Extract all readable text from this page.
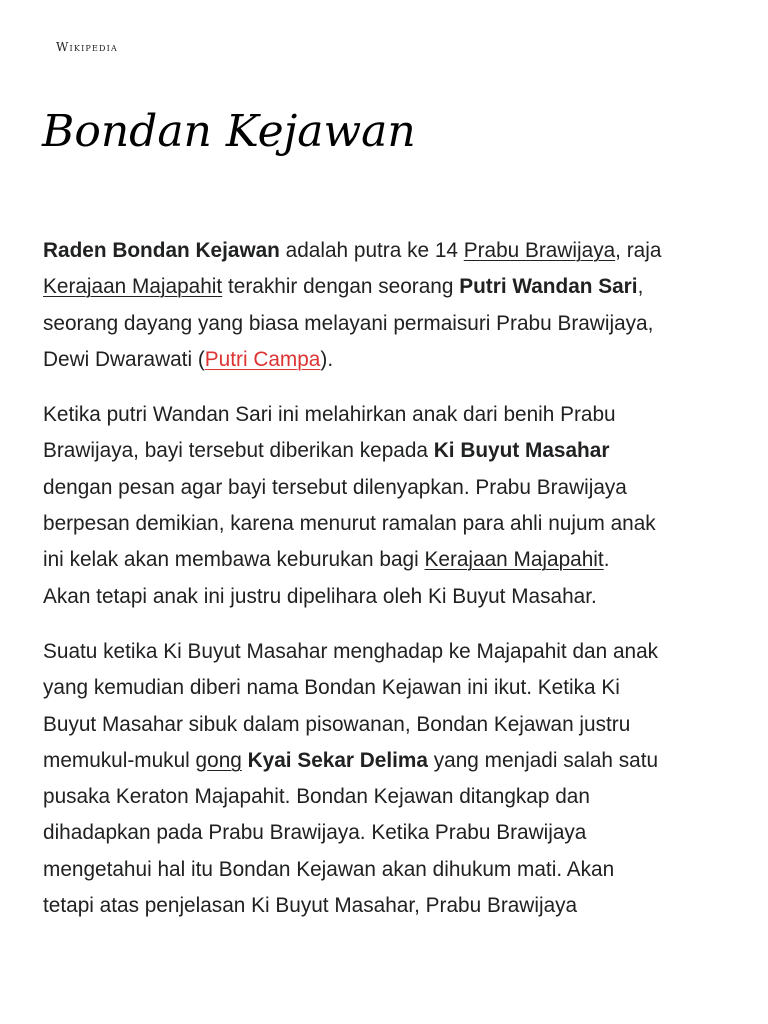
Wikipedia
Bondan Kejawan

Raden Bondan Kejawan adalah putra ke 14 Prabu Brawijaya, raja
Kerajaan Majapahit terakhir dengan seorang Putri Wandan Sari,
seorang dayang yang biasa melayani permaisuri Prabu Brawijaya,
Dewi Dwarawati (Putri Campa).

Ketika putri Wandan Sari ini melahirkan anak dari benih Prabu
Brawijaya, bayi tersebut diberikan kepada Ki Buyut Masahar
dengan pesan agar bayi tersebut dilenyapkan. Prabu Brawijaya
berpesan demikian, karena menurut ramalan para ahli nujum anak
ini kelak akan membawa keburukan bagi Kerajaan Majapahit.
Akan tetapi anak ini justru dipelihara oleh Ki Buyut Masahar.

Suatu ketika Ki Buyut Masahar menghadap ke Majapahit dan anak
yang kemudian diberi nama Bondan Kejawan ini ikut. Ketika Ki
Buyut Masahar sibuk dalam pisowanan, Bondan Kejawan justru
memukul-mukul gong Kyai Sekar Delima yang menjadi salah satu
pusaka Keraton Majapahit. Bondan Kejawan ditangkap dan
dihadapkan pada Prabu Brawijaya. Ketika Prabu Brawijaya
mengetahui hal itu Bondan Kejawan akan dihukum mati. Akan
tetapi atas penjelasan Ki Buyut Masahar, Prabu Brawijaya
